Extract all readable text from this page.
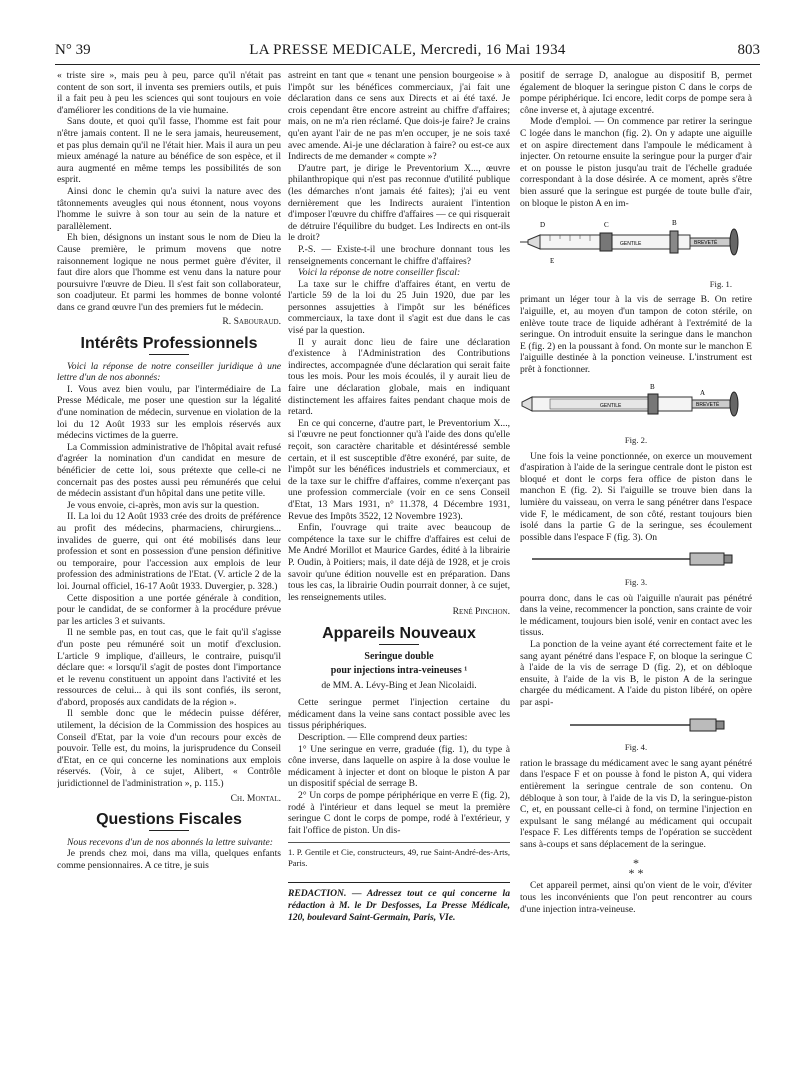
N° 39	LA PRESSE MEDICALE, Mercredi, 16 Mai 1934	803

« triste sire », mais peu à peu, parce qu'il n'était pas content de son sort, il inventa ses premiers outils, et puis il a fait peu à peu les sciences qui sont toujours en voie d'améliorer les conditions de la vie humaine.

Sans doute, et quoi qu'il fasse, l'homme est fait pour n'être jamais content. Il ne le sera jamais, heureusement, et pas plus demain qu'il ne l'était hier. Mais il aura un peu mieux aménagé la nature au bénéfice de son espèce, et il aura augmenté en même temps les possibilités de son esprit.

Ainsi donc le chemin qu'a suivi la nature avec des tâtonnements aveugles qui nous étonnent, nous voyons l'homme le suivre à son tour au sein de la nature et parallèlement.

Eh bien, désignons un instant sous le nom de Dieu la Cause première, le primum movens que notre raisonnement logique ne nous permet guère d'éviter, il faut dire alors que l'homme est venu dans la nature pour poursuivre l'œuvre de Dieu. Il s'est fait son collaborateur, son coadjuteur. Et parmi les hommes de bonne volonté dans ce grand œuvre l'un des premiers fut le médecin.

R. Sabouraud.
Intérêts Professionnels

Voici la réponse de notre conseiller juridique à une lettre d'un de nos abonnés:

I. Vous avez bien voulu, par l'intermédiaire de La Presse Médicale, me poser une question sur la légalité d'une nomination de médecin, survenue en violation de la loi du 12 Août 1933 sur les emplois réservés aux médecins victimes de la guerre.

La Commission administrative de l'hôpital avait refusé d'agréer la nomination d'un candidat en mesure de bénéficier de cette loi, sous prétexte que celle-ci ne concernait pas des postes aussi peu rémunérés que celui de médecin assistant d'un hôpital dans une petite ville.

Je vous envoie, ci-après, mon avis sur la question.

II. La loi du 12 Août 1933 crée des droits de préférence au profit des médecins, pharmaciens, chirurgiens... invalides de guerre, qui ont été mobilisés dans leur profession et sont en possession d'une pension définitive ou temporaire, pour l'accession aux emplois de leur profession des administrations de l'Etat. (V. article 2 de la loi. Journal officiel, 16-17 Août 1933. Duvergier, p. 328.)

Cette disposition a une portée générale à condition, pour le candidat, de se conformer à la procédure prévue par les articles 3 et suivants.

Il ne semble pas, en tout cas, que le fait qu'il s'agisse d'un poste peu rémunéré soit un motif d'exclusion. L'article 9 implique, d'ailleurs, le contraire, puisqu'il déclare que: « lorsqu'il s'agit de postes dont l'importance et le revenu constituent un appoint dans l'activité et les ressources de celui... à qui ils sont confiés, ils seront, d'abord, proposés aux candidats de la région ».

Il semble donc que le médecin puisse déférer, utilement, la décision de la Commission des hospices au Conseil d'Etat, par la voie d'un recours pour excès de pouvoir. Telle est, du moins, la jurisprudence du Conseil d'Etat, en ce qui concerne les nominations aux emplois réservés. (Voir, à ce sujet, Alibert, « Contrôle juridictionnel de l'administration », p. 115.)

Ch. Montal.
Questions Fiscales

Nous recevons d'un de nos abonnés la lettre suivante:

Je prends chez moi, dans ma villa, quelques enfants comme pensionnaires. A ce titre, je suis

astreint en tant que « tenant une pension bourgeoise » à l'impôt sur les bénéfices commerciaux, j'ai fait une déclaration dans ce sens aux Directs et ai été taxé. Je crois cependant être encore astreint au chiffre d'affaires; mais, on ne m'a rien réclamé. Que dois-je faire? Je crains qu'en ayant l'air de ne pas m'en occuper, je ne sois taxé avec amende. Ai-je une déclaration à faire? ou est-ce aux Indirects de me demander « compte »?

D'autre part, je dirige le Preventorium X..., œuvre philanthropique qui n'est pas reconnue d'utilité publique (les démarches n'ont jamais été faites); j'ai eu vent dernièrement que les Indirects auraient l'intention d'imposer l'œuvre du chiffre d'affaires — ce qui risquerait de détruire l'équilibre du budget. Les Indirects en ont-ils le droit?

P.-S. — Existe-t-il une brochure donnant tous les renseignements concernant le chiffre d'affaires?

Voici la réponse de notre conseiller fiscal:

La taxe sur le chiffre d'affaires étant, en vertu de l'article 59 de la loi du 25 Juin 1920, due par les personnes assujetties à l'impôt sur les bénéfices commerciaux, la taxe dont il s'agit est due dans le cas visé par la question.

Il y aurait donc lieu de faire une déclaration d'existence à l'Administration des Contributions indirectes, accompagnée d'une déclaration qui serait faite tous les mois. Pour les mois écoulés, il y aurait lieu de faire une déclaration globale, mais en indiquant distinctement les affaires faites pendant chaque mois de retard.

En ce qui concerne, d'autre part, le Preventorium X..., si l'œuvre ne peut fonctionner qu'à l'aide des dons qu'elle reçoit, son caractère charitable et désintéressé semble certain, et il est susceptible d'être exonéré, par suite, de l'impôt sur les bénéfices industriels et commerciaux, et de la taxe sur le chiffre d'affaires, comme n'exerçant pas une profession commerciale (voir en ce sens Conseil d'Etat, 13 Mars 1931, n° 11.378, 4 Décembre 1931, Revue des Impôts 3522, 12 Novembre 1923).

Enfin, l'ouvrage qui traite avec beaucoup de compétence la taxe sur le chiffre d'affaires est celui de Me André Morillot et Maurice Gardes, édité à la librairie P. Oudin, à Poitiers; mais, il date déjà de 1928, et je crois savoir qu'une édition nouvelle est en préparation. Dans tous les cas, la librairie Oudin pourrait donner, à ce sujet, les renseignements utiles.

René Pinchon.
Appareils Nouveaux
Seringue double
pour injections intra-veineuses ¹
de MM. A. Lévy-Bing et Jean Nicolaidi.

Cette seringue permet l'injection certaine du médicament dans la veine sans contact possible avec les tissus périphériques.

Description. — Elle comprend deux parties:

1° Une seringue en verre, graduée (fig. 1), du type à cône inverse, dans laquelle on aspire à la dose voulue le médicament à injecter et dont on bloque le piston A par un dispositif spécial de serrage B.

2° Un corps de pompe périphérique en verre E (fig. 2), rodé à l'intérieur et dans lequel se meut la première seringue C dont le corps de pompe, rodé à l'extérieur, y fait l'office de piston. Un dis-

1. P. Gentile et Cie, constructeurs, 49, rue Saint-André-des-Arts, Paris.
REDACTION. — Adressez tout ce qui concerne la rédaction à M. le Dr Desfosses, La Presse Médicale, 120, boulevard Saint-Germain, Paris, VIe.

positif de serrage D, analogue au dispositif B, permet également de bloquer la seringue piston C dans le corps de pompe périphérique. Ici encore, ledit corps de pompe sera à cône inverse et, à ajutage excentré.

Mode d'emploi. — On commence par retirer la seringue C logée dans le manchon (fig. 2). On y adapte une aiguille et on aspire directement dans l'ampoule le médicament à injecter. On retourne ensuite la seringue pour la purger d'air et on pousse le piston jusqu'au trait de l'échelle graduée correspondant à la dose désirée. A ce moment, après s'être bien assuré que la seringue est purgée de toute bulle d'air, on bloque le piston A en im-

D	C	B
E
GENTILE	BREVETÉ
Fig. 1.

primant un léger tour à la vis de serrage B. On retire l'aiguille, et, au moyen d'un tampon de coton stérile, on enlève toute trace de liquide adhérant à l'extrémité de la seringue. On introduit ensuite la seringue dans le manchon E (fig. 2) en la poussant à fond. On monte sur le manchon E l'aiguille destinée à la ponction veineuse. L'instrument est prêt à fonctionner.

B
A
GENTILE	BREVETÉ
Fig. 2.

Une fois la veine ponctionnée, on exerce un mouvement d'aspiration à l'aide de la seringue centrale dont le piston est bloqué et dont le corps fera office de piston dans le manchon E (fig. 2). Si l'aiguille se trouve bien dans la lumière du vaisseau, on verra le sang pénétrer dans l'espace vide F, le médicament, de son côté, restant toujours bien isolé dans la partie G de la seringue, ses écoulement possible dans l'espace F (fig. 3). On

Fig. 3.

pourra donc, dans le cas où l'aiguille n'aurait pas pénétré dans la veine, recommencer la ponction, sans crainte de voir le médicament, toujours bien isolé, venir en contact avec les tissus.

La ponction de la veine ayant été correctement faite et le sang ayant pénétré dans l'espace F, on bloque la seringue C à l'aide de la vis de serrage D (fig. 2), et on débloque ensuite, à l'aide de la vis B, le piston A de la seringue chargée du médicament. A l'aide du piston libéré, on opère par aspi-

Fig. 4.

ration le brassage du médicament avec le sang ayant pénétré dans l'espace F et on pousse à fond le piston A, qui videra entièrement la seringue centrale de son contenu. On débloque à son tour, à l'aide de la vis D, la seringue-piston C, et, en poussant celle-ci à fond, on termine l'injection en expulsant le sang mélangé au médicament qui occupait l'espace F. Les différents temps de l'opération se succèdent sans à-coups et sans déplacement de la seringue.

*
* *

Cet appareil permet, ainsi qu'on vient de le voir, d'éviter tous les inconvénients que l'on peut rencontrer au cours d'une injection intra-veineuse.
